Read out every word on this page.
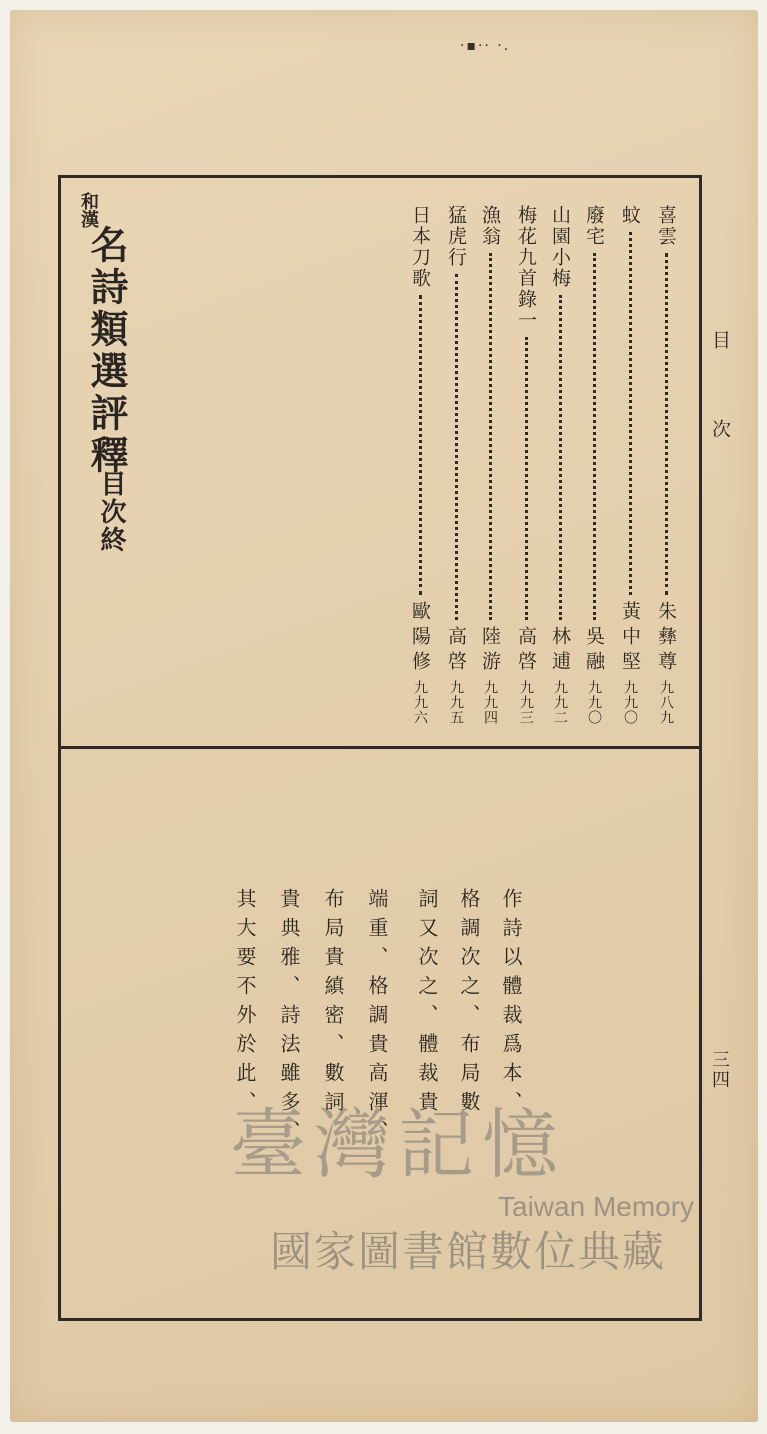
·▪·· ·.
目次
三四
喜雲
朱彝尊
九八九
蚊
黃中堅
九九〇
廢宅
吳融
九九〇
山園小梅
林逋
九九二
梅花九首錄一
高啓
九九三
漁翁
陸游
九九四
猛虎行
高啓
九九五
日本刀歌
歐陽修
九九六
和
漢
名詩類選評釋
目次終
作詩以體裁爲本、
格調次之、布局數
詞又次之、體裁貴
端重、格調貴高渾、
布局貴縝密、數詞
貴典雅、詩法雖多、
其大要不外於此、
臺灣記憶
Taiwan Memory
國家圖書館數位典藏
